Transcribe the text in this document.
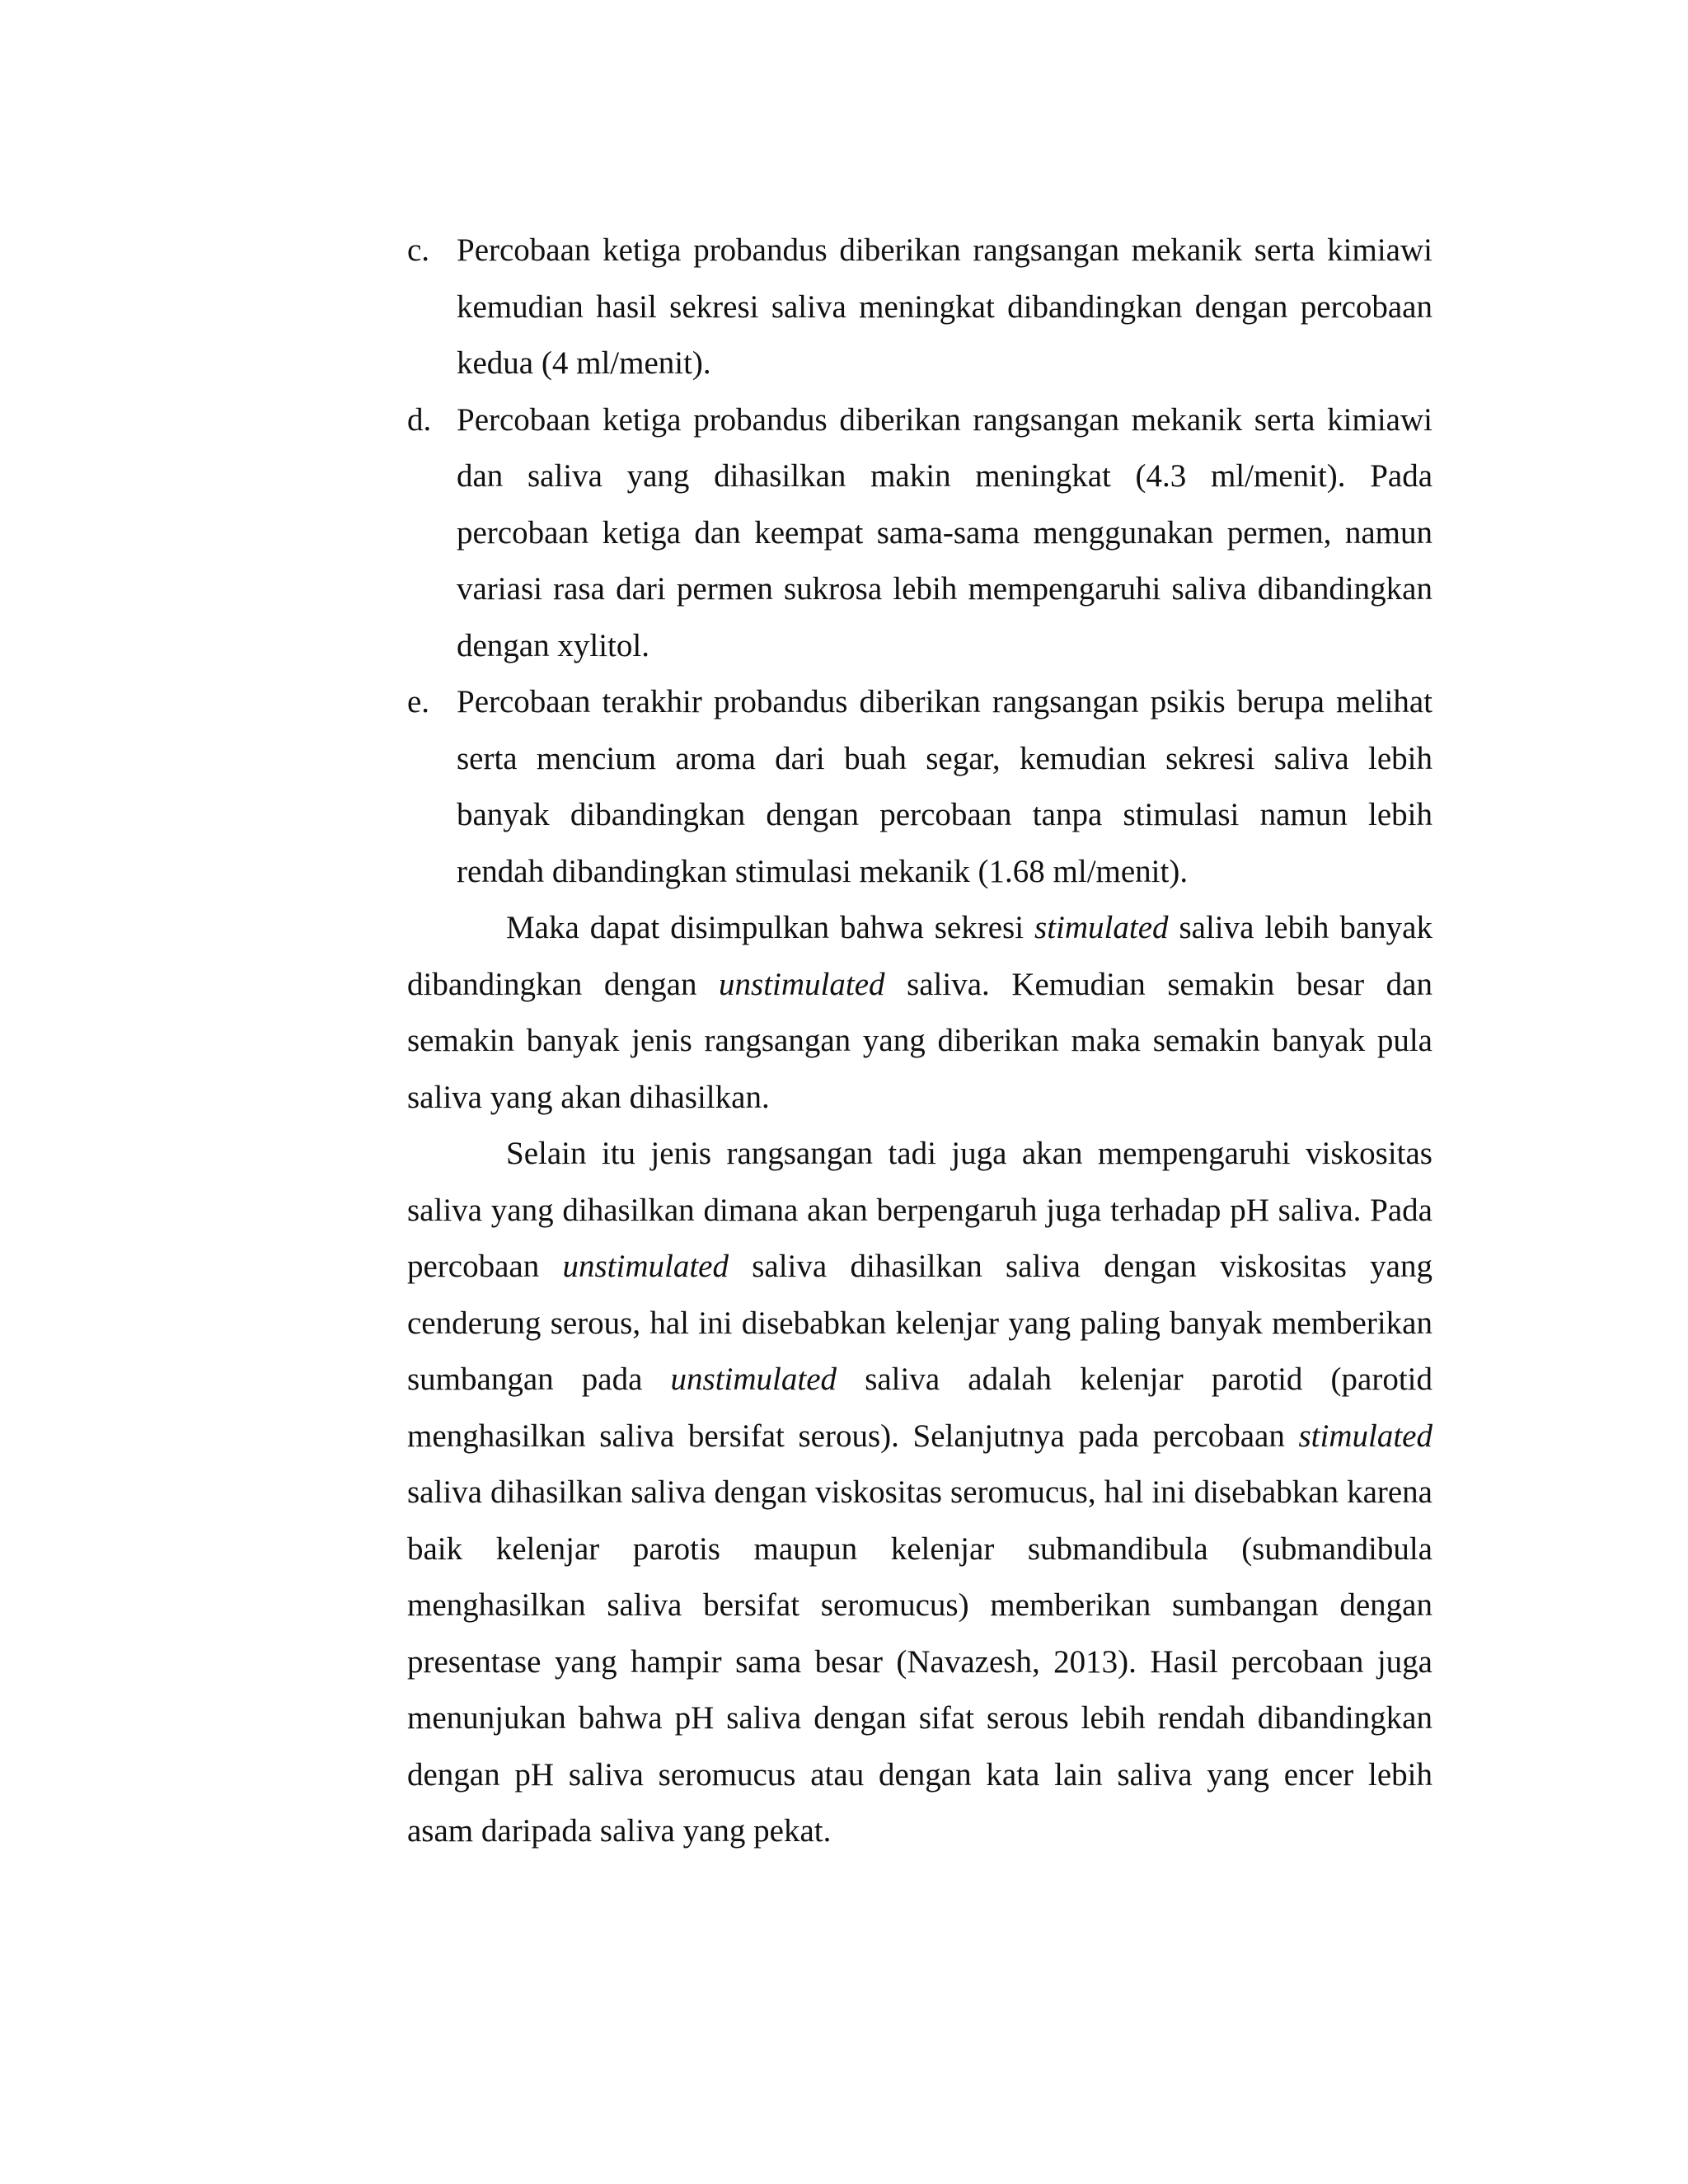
c. Percobaan ketiga probandus diberikan rangsangan mekanik serta kimiawi kemudian hasil sekresi saliva meningkat dibandingkan dengan percobaan kedua (4 ml/menit).
d. Percobaan ketiga probandus diberikan rangsangan mekanik serta kimiawi dan saliva yang dihasilkan makin meningkat (4.3 ml/menit). Pada percobaan ketiga dan keempat sama-sama menggunakan permen, namun variasi rasa dari permen sukrosa lebih mempengaruhi saliva dibandingkan dengan xylitol.
e. Percobaan terakhir probandus diberikan rangsangan psikis berupa melihat serta mencium aroma dari buah segar, kemudian sekresi saliva lebih banyak dibandingkan dengan percobaan tanpa stimulasi namun lebih rendah dibandingkan stimulasi mekanik (1.68 ml/menit).

Maka dapat disimpulkan bahwa sekresi stimulated saliva lebih banyak dibandingkan dengan unstimulated saliva. Kemudian semakin besar dan semakin banyak jenis rangsangan yang diberikan maka semakin banyak pula saliva yang akan dihasilkan.

Selain itu jenis rangsangan tadi juga akan mempengaruhi viskositas saliva yang dihasilkan dimana akan berpengaruh juga terhadap pH saliva. Pada percobaan unstimulated saliva dihasilkan saliva dengan viskositas yang cenderung serous, hal ini disebabkan kelenjar yang paling banyak memberikan sumbangan pada unstimulated saliva adalah kelenjar parotid (parotid menghasilkan saliva bersifat serous). Selanjutnya pada percobaan stimulated saliva dihasilkan saliva dengan viskositas seromucus, hal ini disebabkan karena baik kelenjar parotis maupun kelenjar submandibula (submandibula menghasilkan saliva bersifat seromucus) memberikan sumbangan dengan presentase yang hampir sama besar (Navazesh, 2013). Hasil percobaan juga menunjukan bahwa pH saliva dengan sifat serous lebih rendah dibandingkan dengan pH saliva seromucus atau dengan kata lain saliva yang encer lebih asam daripada saliva yang pekat.
